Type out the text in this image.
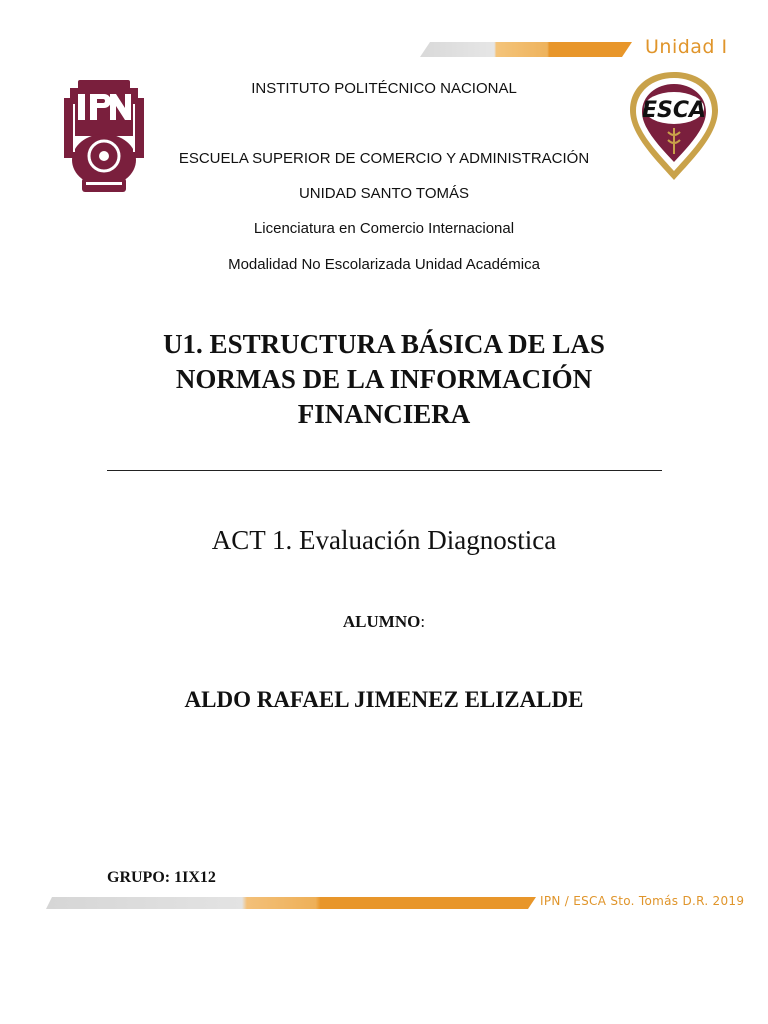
Unidad I
ESCA
INSTITUTO POLITÉCNICO NACIONAL
ESCUELA SUPERIOR DE COMERCIO Y ADMINISTRACIÓN
UNIDAD SANTO TOMÁS
Licenciatura en Comercio Internacional
Modalidad No Escolarizada Unidad Académica
U1. ESTRUCTURA BÁSICA DE LAS
NORMAS DE LA INFORMACIÓN
FINANCIERA
ACT 1. Evaluación Diagnostica
ALUMNO:
ALDO RAFAEL JIMENEZ ELIZALDE
GRUPO: 1IX12
IPN / ESCA Sto. Tomás D.R. 2019
